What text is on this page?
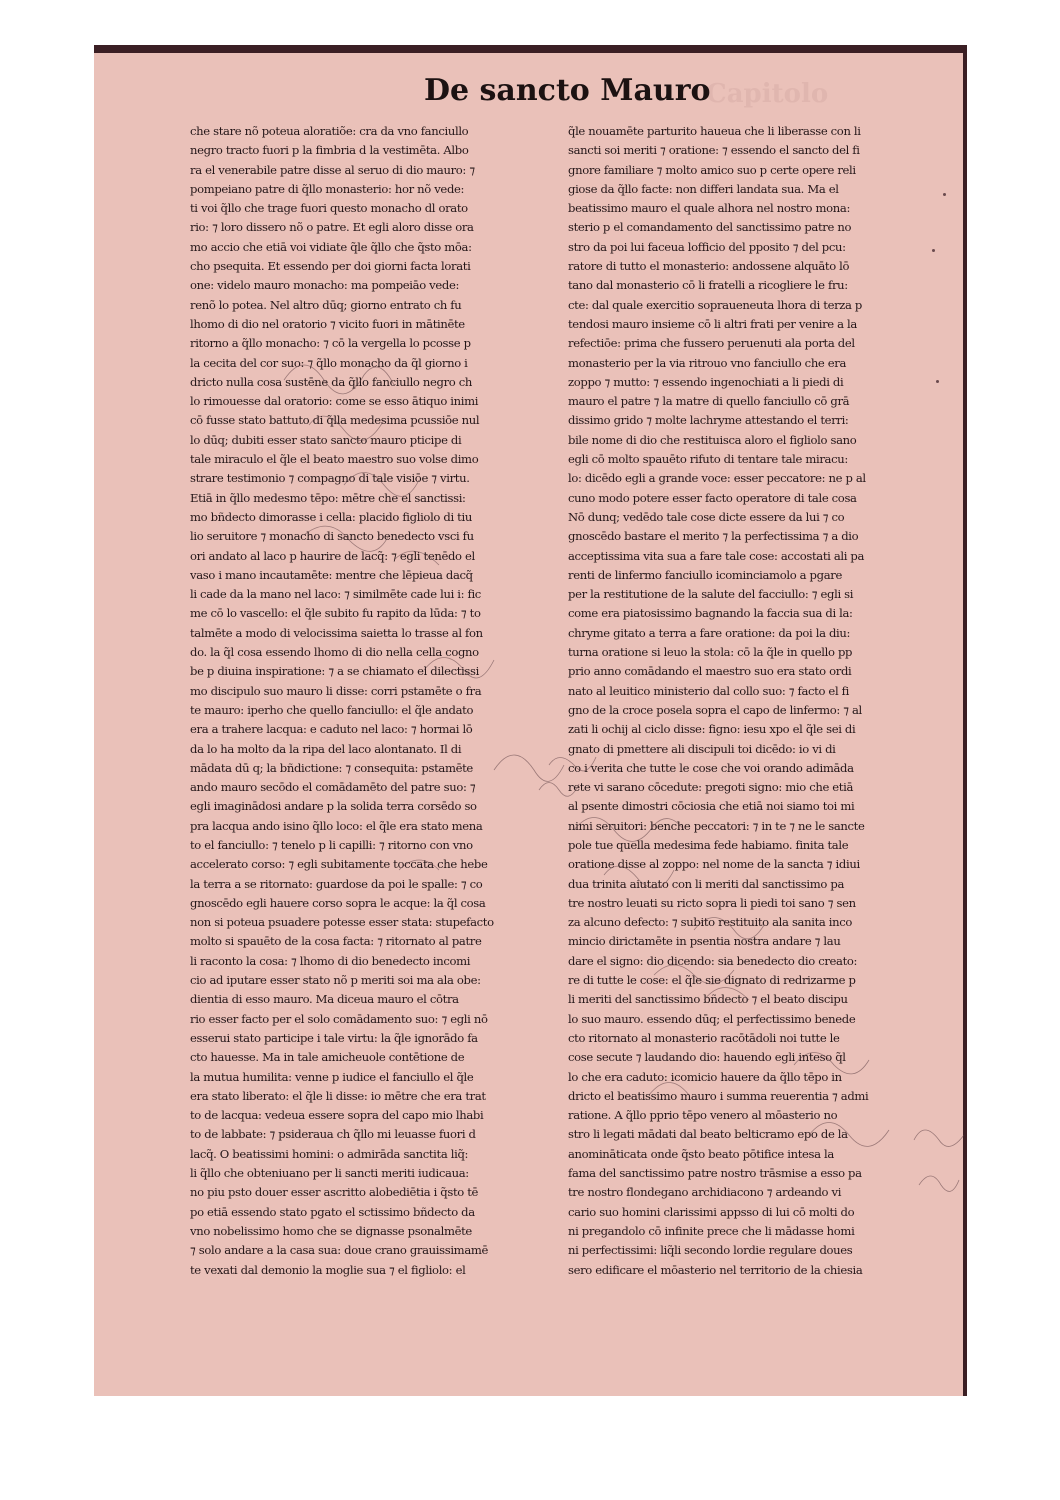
De sancto Mauro
Capitolo
che stare nõ poteua aloratiõe: cra da vno fanciullo
negro tracto fuori p la fimbria d la vestimēta. Albo
ra el venerabile patre disse al seruo di dio mauro: ⁊
pompeiano patre di q̃llo monasterio: hor nõ vede:
ti voi q̃llo che trage fuori questo monacho dl orato
rio: ⁊ loro dissero nõ o patre. Et egli aloro disse ora
mo accio che etiā voi vidiate q̃le q̃llo che q̃sto mōa:
cho psequita. Et essendo per doi giorni facta lorati
one: videlo mauro monacho: ma pompeiāo vede:
renõ lo potea. Nel altro dūq; giorno entrato ch fu
lhomo di dio nel oratorio ⁊ viсito fuori in mātinēte
ritorno a q̃llo monacho: ⁊ cō la vergella lo pcosse p
la cecita del cor suo: ⁊ q̃llo monacho da q̃l giorno i
dricto nulla cosa sustēne da q̃llo fanciullo negro ch
lo rimouesse dal oratorio: come se esso ātiquo inimi
cō fusse stato battuto di q̃lla medesima pcussiōe nul
lo dūq; dubiti esser stato sancto mauro pticipe di
tale miraculo el q̃le el beato maestro suo volse dimo
strare testimonio ⁊ compagno di tale visiōe ⁊ virtu.
Etiā in q̃llo medesmo tēpo: mētre che el sanctissi:
mo bñdecto dimorasse i cella: placido figliolo di tiu
lio seruitore ⁊ monacho di sancto benedecto vsci fu
ori andato al laco p haurire de lacq̃: ⁊ egli tenēdo el
vaso i mano incautamēte: mentre che lēpieua dacq̃
li cade da la mano nel laco: ⁊ similmēte cade lui i: fic
me cō lo vascello: el q̃le subito fu rapito da lūda: ⁊ to
talmēte a modo di velocissima saietta lo trasse al fon
do. la q̃l cosa essendo lhomo di dio nella cella cogno
be p diuina inspiratione: ⁊ a se chiamato el dilectissi
mo discipulo suo mauro li disse: corri pstamēte o fra
te mauro: iperho che quello fanciullo: el q̃le andato
era a trahere lacqua: e caduto nel laco: ⁊ hormai lō
da lo ha molto da la ripa del laco alontanato. Il di
mādata dū q; la bñdictione: ⁊ consequita: pstamēte
ando mauro secōdo el comādamēto del patre suo: ⁊
egli imaginādosi andare p la solida terra corsēdo so
pra lacqua ando isino q̃llo loco: el q̃le era stato mena
to el fanciullo: ⁊ tenelo p li capilli: ⁊ ritorno con vno
accelerato corso: ⁊ egli subitamente toccata che hebe
la terra a se ritornato: guardose da poi le spalle: ⁊ co
gnoscēdo egli hauere corso sopra le acque: la q̃l cosa
non si poteua psuadere potesse esser stata: stupefacto
molto si spauēto de la cosa facta: ⁊ ritornato al patre
li raconto la cosa: ⁊ lhomo di dio benedecto incomi
cio ad iputare esser stato nõ p meriti soi ma ala obe:
dientia di esso mauro. Ma diceua mauro el cōtra
rio esser facto per el solo comādamento suo: ⁊ egli nō
esserui stato participe i tale virtu: la q̃le ignorādo fa
cto hauesse. Ma in tale amicheuole contētione de
la mutua humilita: venne p iudice el fanciullo el q̃le
era stato liberato: el q̃le li disse: io mētre che era trat
to de lacqua: vedeua essere sopra del capo mio lhabi
to de labbate: ⁊ psideraua ch q̃llo mi leuasse fuori d
lacq̃. O beatissimi homini: o admirāda sanctita liq̃:
li q̃llo che obteniuano per li sancti meriti iudicaua:
no piu psto douer esser ascritto alobediētia i q̃sto tē
po etiā essendo stato pgato el sctissimo bñdecto da
vno nobelissimo homo che se dignasse psonalmēte
⁊ solo andare a la casa sua: doue crano grauissimamē
te vexati dal demonio la moglie sua ⁊ el figliolo: el
q̃le nouamēte parturito haueua che li liberasse con li
sancti soi meriti ⁊ oratione: ⁊ essendo el sancto del fi
gnore familiare ⁊ molto amico suo p certe opere reli
giose da q̃llo facte: non differi landata sua. Ma el
beatissimo mauro el quale alhora nel nostro mona:
sterio p el comandamento del sanctissimo patre no
stro da poi lui faceua lofficio del pposito ⁊ del pcu:
ratore di tutto el monasterio: andossene alquāto lō
tano dal monasterio cō li fratelli a ricogliere le fru:
cte: dal quale exercitio sopraueneuta lhora di terza p
tendosi mauro insieme cō li altri frati per venire a la
refectiōe: prima che fussero peruenuti ala porta del
monasterio per la via ritrouo vno fanciullo che era
zoppo ⁊ mutto: ⁊ essendo ingenochiati a li piedi di
mauro el patre ⁊ la matre di quello fanciullo cō grā
dissimo grido ⁊ molte lachryme attestando el terri:
bile nome di dio che restituisca aloro el figliolo sano
egli cō molto spauēto rifuto di tentare tale miracu:
lo: dicēdo egli a grande voce: esser peccatore: ne p al
cuno modo potere esser facto operatore di tale cosa
Nō dunq; vedēdo tale cose dicte essere da lui ⁊ co
gnoscēdo bastare el merito ⁊ la perfectissima ⁊ a dio
acceptissima vita sua a fare tale cose: accostati ali pa
renti de linfermo fanciullo icominciamolo a pgare
per la restitutione de la salute del facciullo: ⁊ egli si
come era piatosissimo bagnando la faccia sua di la:
chryme gitato a terra a fare oratione: da poi la diu:
turna oratione si leuo la stola: cō la q̃le in quello pp
prio anno comādando el maestro suo era stato ordi
nato al leuitico ministerio dal collo suo: ⁊ facto el fi
gno de la croce posela sopra el capo de linfermo: ⁊ al
zati li ochij al ciclo disse: figno: iesu xpo el q̃le sei di
gnato di pmettere ali discipuli toi dicēdo: io vi di
co i verita che tutte le cose che voi orando adimāda
rete vi sarano cōcedute: pregoti signo: mio che etiā
al psente dimostri cōciosia che etiā noi siamo toi mi
nimi seruitori: benche peccatori: ⁊ in te ⁊ ne le sancte
pole tue quella medesima fede habiamo. finita tale
oratione disse al zoppo: nel nome de la sancta ⁊ idiui
dua trinita aiutato con li meriti dal sanctissimo pa
tre nostro leuati su ricto sopra li piedi toi sano ⁊ sen
za alcuno defecto: ⁊ subito restituito ala sanita inco
mincio dirictamēte in psentia nostra andare ⁊ lau
dare el signo: dio dicendo: sia benedecto dio creato:
re di tutte le cose: el q̃le sie dignato di redrizarme p
li meriti del sanctissimo bñdecto ⁊ el beato discipu
lo suo mauro. essendo dūq; el perfectissimo benede
cto ritornato al monasterio racōtādoli noi tutte le
cose secute ⁊ laudando dio: hauendo egli inteso q̃l
lo che era caduto: icomicio hauere da q̃llo tēpo in
dricto el beatissimo mauro i summa reuerentia ⁊ admi
ratione. A q̃llo pprio tēpo venero al mōasterio no
stro li legati mādati dal beato belticramo epo de la
anomināticata onde q̃sto beato pōtifice intesa la
fama del sanctissimo patre nostro trāsmise a esso pa
tre nostro flondegano archidiacono ⁊ ardeando vi
cario suo homini clarissimi appsso di lui cō molti do
ni pregandolo cō infinite prece che li mādasse homi
ni perfectissimi: liq̃li secondo lordie regulare doues
sero edificare el mōasterio nel territorio de la chiesia
